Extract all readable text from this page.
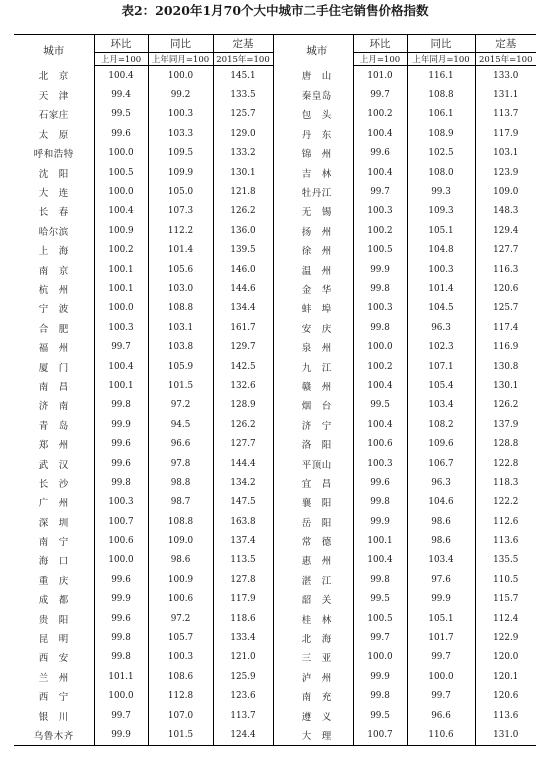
表2：2020年1月70个大中城市二手住宅销售价格指数
城市	环比	同比	定基		城市	环比	同比	定基
	上月=100	上年同月=100	2015年=100			上月=100	上年同月=100	2015年=100
北　京	100.4	100.0	145.1		唐　山	101.0	116.1	133.0
天　津	99.4	99.2	133.5		秦皇岛	99.7	108.8	131.1
石家庄	99.5	100.3	125.7		包　头	100.2	106.1	113.7
太　原	99.6	103.3	129.0		丹　东	100.4	108.9	117.9
呼和浩特	100.0	109.5	133.2		锦　州	99.6	102.5	103.1
沈　阳	100.5	109.9	130.1		吉　林	100.4	108.0	123.9
大　连	100.0	105.0	121.8		牡丹江	99.7	99.3	109.0
长　春	100.4	107.3	126.2		无　锡	100.3	109.3	148.3
哈尔滨	100.9	112.2	136.0		扬　州	100.2	105.1	129.4
上　海	100.2	101.4	139.5		徐　州	100.5	104.8	127.7
南　京	100.1	105.6	146.0		温　州	99.9	100.3	116.3
杭　州	100.1	103.0	144.6		金　华	99.8	101.4	120.6
宁　波	100.0	108.8	134.4		蚌　埠	100.3	104.5	125.7
合　肥	100.3	103.1	161.7		安　庆	99.8	96.3	117.4
福　州	99.7	103.8	129.7		泉　州	100.0	102.3	116.9
厦　门	100.4	105.9	142.5		九　江	100.2	107.1	130.8
南　昌	100.1	101.5	132.6		赣　州	100.4	105.4	130.1
济　南	99.8	97.2	128.9		烟　台	99.5	103.4	126.2
青　岛	99.9	94.5	126.2		济　宁	100.4	108.2	137.9
郑　州	99.6	96.6	127.7		洛　阳	100.6	109.6	128.8
武　汉	99.6	97.8	144.4		平顶山	100.3	106.7	122.8
长　沙	99.8	98.8	134.2		宜　昌	99.6	96.3	118.3
广　州	100.3	98.7	147.5		襄　阳	99.8	104.6	122.2
深　圳	100.7	108.8	163.8		岳　阳	99.9	98.6	112.6
南　宁	100.6	109.0	137.4		常　德	100.1	98.6	113.6
海　口	100.0	98.6	113.5		惠　州	100.4	103.4	135.5
重　庆	99.6	100.9	127.8		湛　江	99.8	97.6	110.5
成　都	99.9	100.6	117.9		韶　关	99.5	99.9	115.7
贵　阳	99.6	97.2	118.6		桂　林	100.5	105.1	112.4
昆　明	99.8	105.7	133.4		北　海	99.7	101.7	122.9
西　安	99.8	100.3	121.0		三　亚	100.0	99.7	120.0
兰　州	101.1	108.6	125.9		泸　州	99.9	100.0	120.1
西　宁	100.0	112.8	123.6		南　充	99.8	99.7	120.6
银　川	99.7	107.0	113.7		遵　义	99.5	96.6	113.6
乌鲁木齐	99.9	101.5	124.4		大　理	100.7	110.6	131.0
